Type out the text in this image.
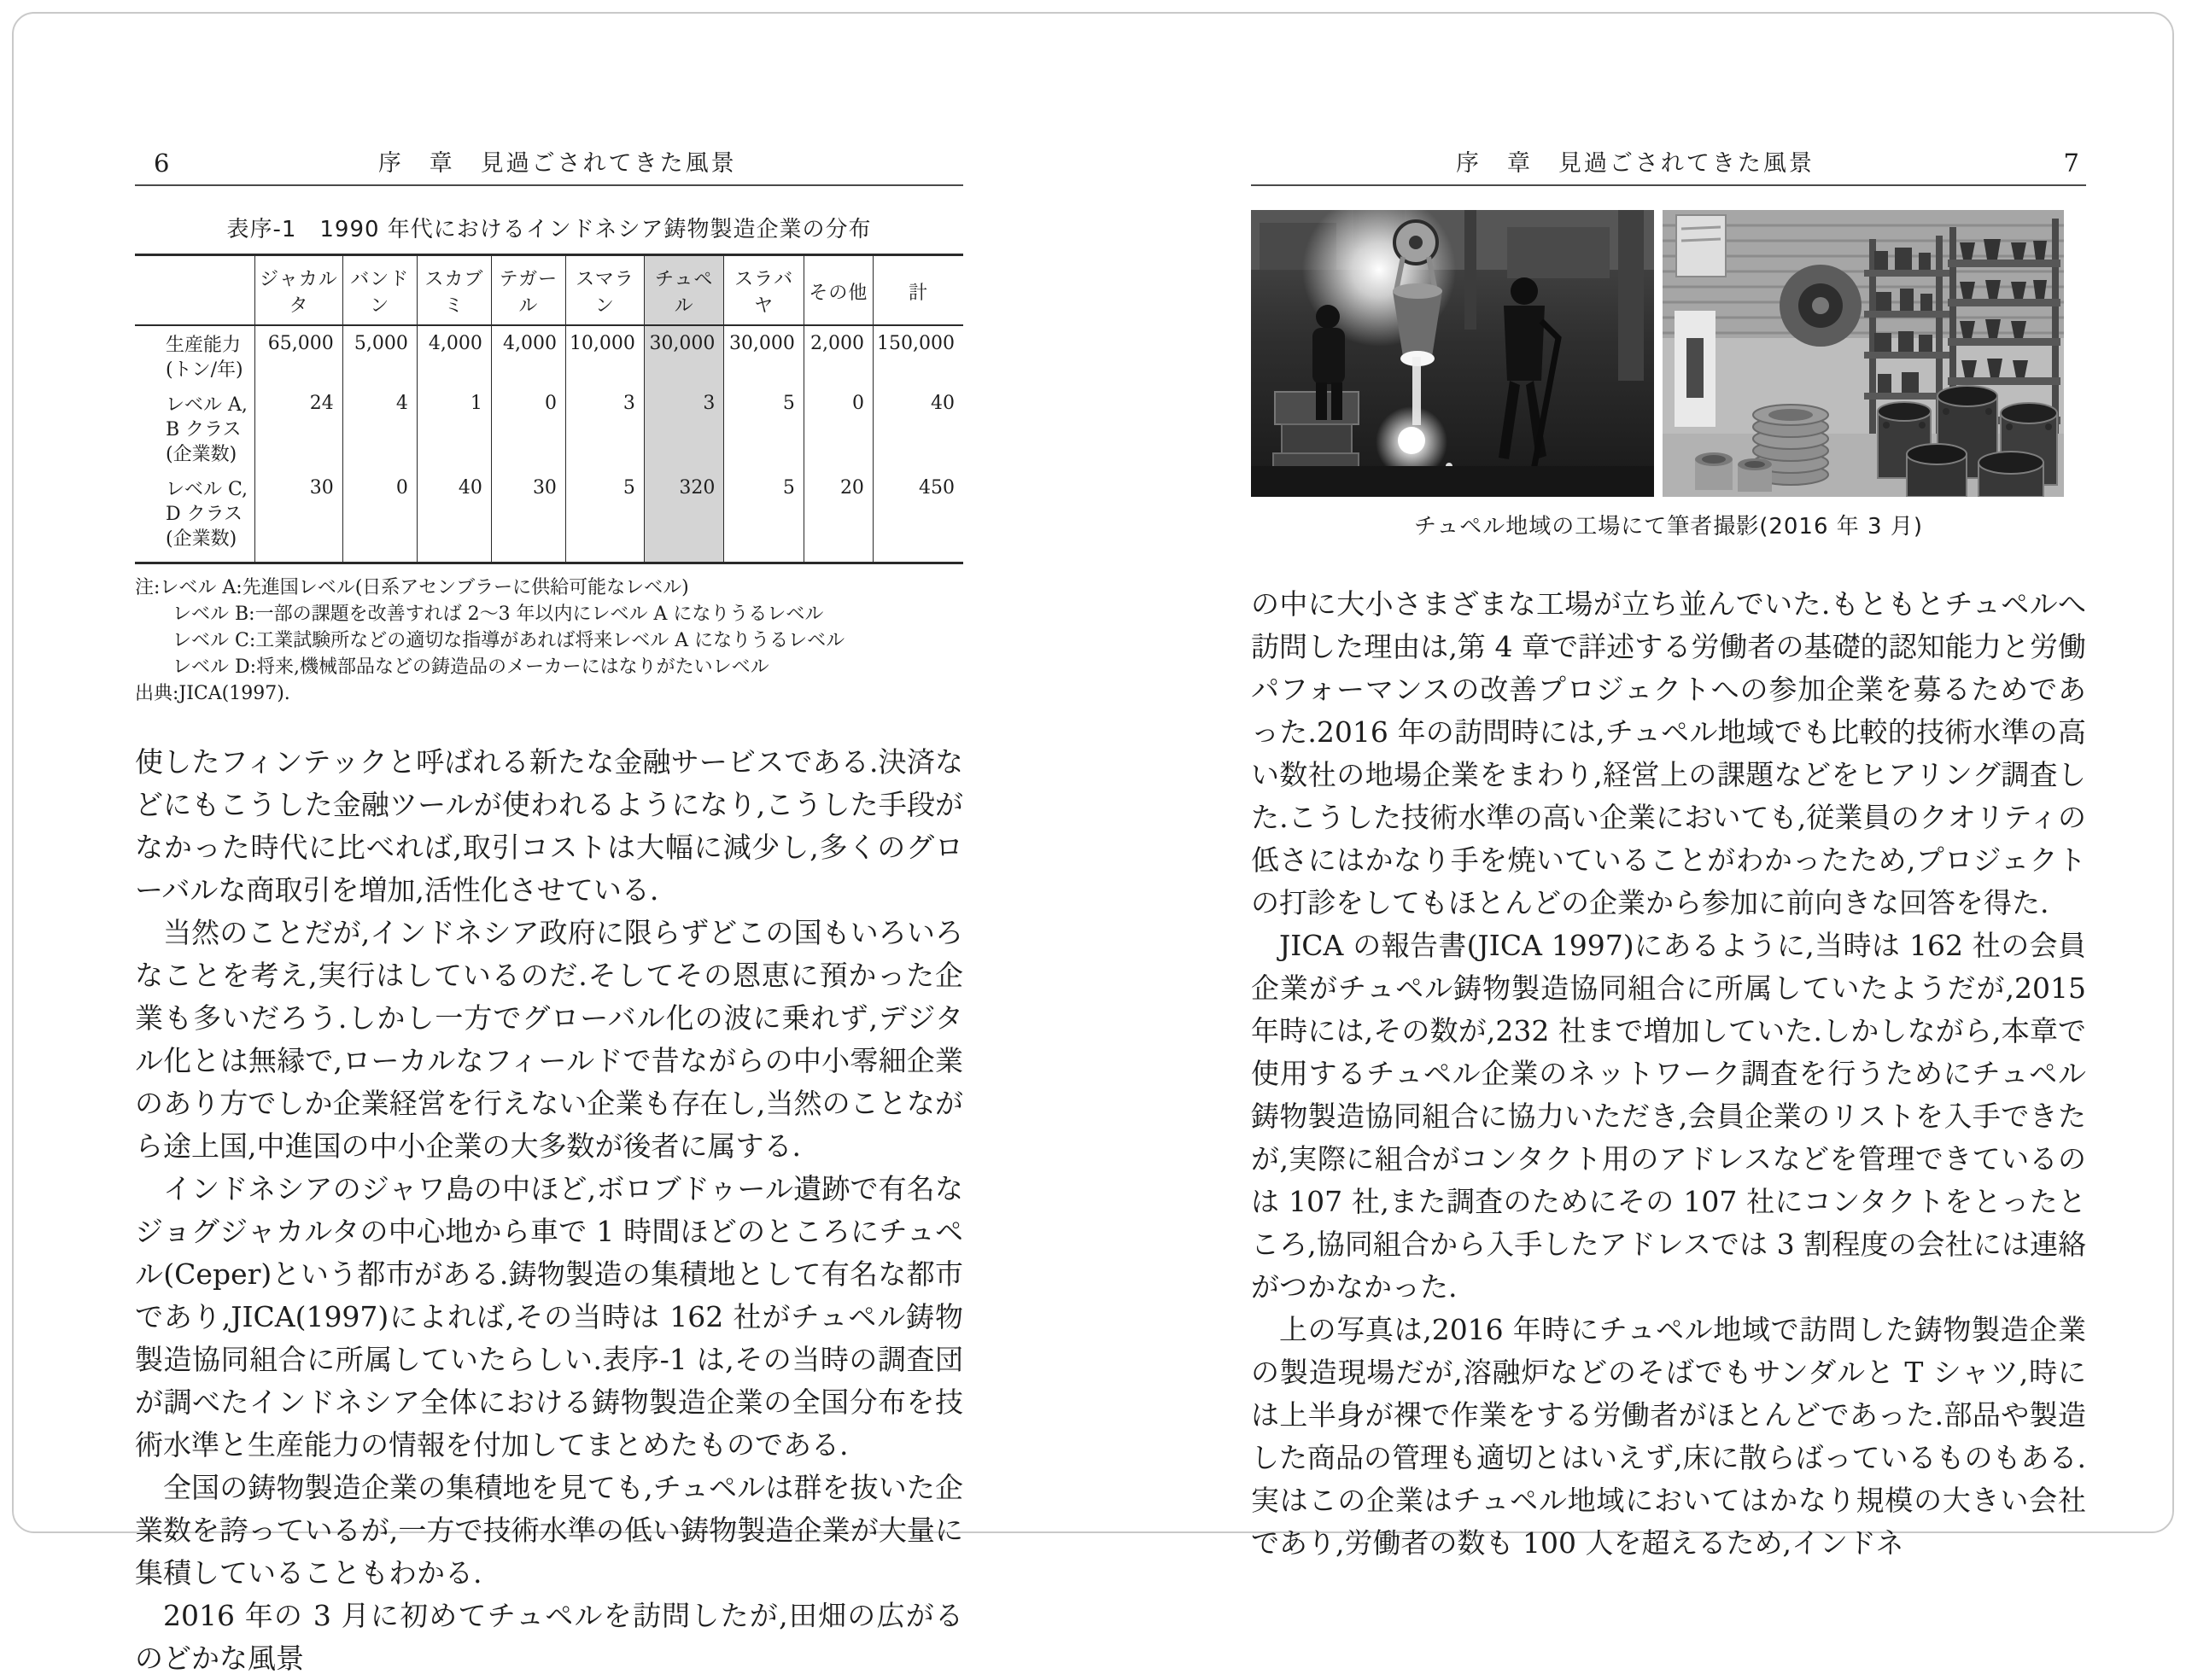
6	序　章　見過ごされてきた風景
表序-1　1990 年代におけるインドネシア鋳物製造企業の分布
	ジャカルタ	バンドン	スカブミ	テガール	スマラン	チュペル	スラバヤ	その他	計

生産能力
(トン/年)	65,000	5,000	4,000	4,000	10,000	30,000	30,000	2,000	150,000

レベル A,
B クラス
(企業数)	24	4	1	0	3	3	5	0	40

レベル C,
D クラス
(企業数)	30	0	40	30	5	320	5	20	450
注:レベル A:先進国レベル(日系アセンブラーに供給可能なレベル)
レベル B:一部の課題を改善すれば 2〜3 年以内にレベル A になりうるレベル
レベル C:工業試験所などの適切な指導があれば将来レベル A になりうるレベル
レベル D:将来,機械部品などの鋳造品のメーカーにはなりがたいレベル
出典:JICA(1997).

使したフィンテックと呼ばれる新たな金融サービスである.決済などにもこうした金融ツールが使われるようになり,こうした手段がなかった時代に比べれば,取引コストは大幅に減少し,多くのグローバルな商取引を増加,活性化させている.

当然のことだが,インドネシア政府に限らずどこの国もいろいろなことを考え,実行はしているのだ.そしてその恩恵に預かった企業も多いだろう.しかし一方でグローバル化の波に乗れず,デジタル化とは無縁で,ローカルなフィールドで昔ながらの中小零細企業のあり方でしか企業経営を行えない企業も存在し,当然のことながら途上国,中進国の中小企業の大多数が後者に属する.

インドネシアのジャワ島の中ほど,ボロブドゥール遺跡で有名なジョグジャカルタの中心地から車で 1 時間ほどのところにチュペル(Ceper)という都市がある.鋳物製造の集積地として有名な都市であり,JICA(1997)によれば,その当時は 162 社がチュペル鋳物製造協同組合に所属していたらしい.表序-1 は,その当時の調査団が調べたインドネシア全体における鋳物製造企業の全国分布を技術水準と生産能力の情報を付加してまとめたものである.

全国の鋳物製造企業の集積地を見ても,チュペルは群を抜いた企業数を誇っているが,一方で技術水準の低い鋳物製造企業が大量に集積していることもわかる.

2016 年の 3 月に初めてチュペルを訪問したが,田畑の広がるのどかな風景

序　章　見過ごされてきた風景	7
チュペル地域の工場にて筆者撮影(2016 年 3 月)

の中に大小さまざまな工場が立ち並んでいた.もともとチュペルへ訪問した理由は,第 4 章で詳述する労働者の基礎的認知能力と労働パフォーマンスの改善プロジェクトへの参加企業を募るためであった.2016 年の訪問時には,チュペル地域でも比較的技術水準の高い数社の地場企業をまわり,経営上の課題などをヒアリング調査した.こうした技術水準の高い企業においても,従業員のクオリティの低さにはかなり手を焼いていることがわかったため,プロジェクトの打診をしてもほとんどの企業から参加に前向きな回答を得た.

JICA の報告書(JICA 1997)にあるように,当時は 162 社の会員企業がチュペル鋳物製造協同組合に所属していたようだが,2015 年時には,その数が,232 社まで増加していた.しかしながら,本章で使用するチュペル企業のネットワーク調査を行うためにチュペル鋳物製造協同組合に協力いただき,会員企業のリストを入手できたが,実際に組合がコンタクト用のアドレスなどを管理できているのは 107 社,また調査のためにその 107 社にコンタクトをとったところ,協同組合から入手したアドレスでは 3 割程度の会社には連絡がつかなかった.

上の写真は,2016 年時にチュペル地域で訪問した鋳物製造企業の製造現場だが,溶融炉などのそばでもサンダルと T シャツ,時には上半身が裸で作業をする労働者がほとんどであった.部品や製造した商品の管理も適切とはいえず,床に散らばっているものもある.実はこの企業はチュペル地域においてはかなり規模の大きい会社であり,労働者の数も 100 人を超えるため,インドネ
